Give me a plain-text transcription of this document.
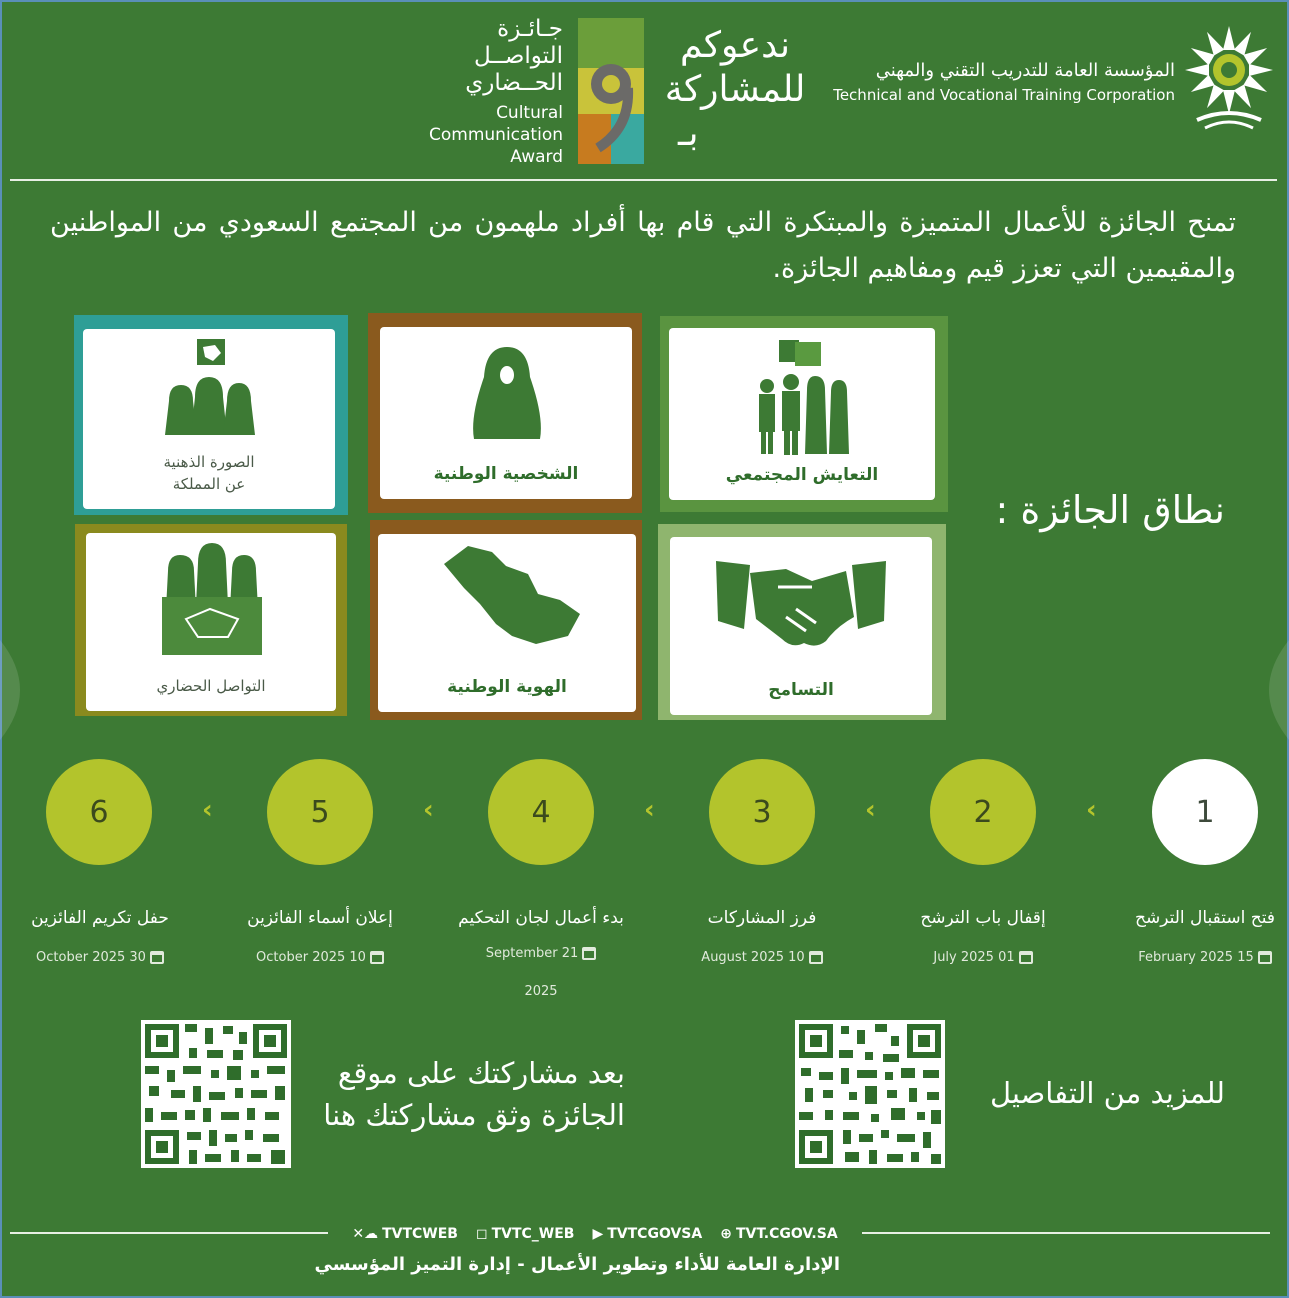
المؤسسة العامة للتدريب التقني والمهني
Technical and Vocational Training Corporation
ندعوكم
للمشاركة
بـ
جـائـزة
التواصــل
الحــضاري
Cultural
Communication
Award
تمنح الجائزة للأعمال المتميزة والمبتكرة التي قام بها أفراد ملهمون من المجتمع السعودي من المواطنين والمقيمين التي تعزز قيم ومفاهيم الجائزة.
نطاق الجائزة :
التعايش المجتمعي
الشخصية الوطنية
الصورة الذهنية
عن المملكة
التسامح
الهوية الوطنية
التواصل الحضاري
1
2
3
4
5
6	‹
‹
‹
‹
‹
فتح استقبال الترشح
إقفال باب الترشح
فرز المشاركات
بدء أعمال لجان التحكيم
إعلان أسماء الفائزين
حفل تكريم الفائزين
February 2025 15
July 2025 01
August 2025 10
September 21
2025
October 2025 10
October 2025 30
للمزيد من التفاصيل
بعد مشاركتك على موقع
الجائزة وثق مشاركتك هنا
✕☁ TVTCWEB ◻ TVTC_WEB ▶ TVTCGOVSA ⊕ TVT.CGOV.SA
الإدارة العامة للأداء وتطوير الأعمال - إدارة التميز المؤسسي
